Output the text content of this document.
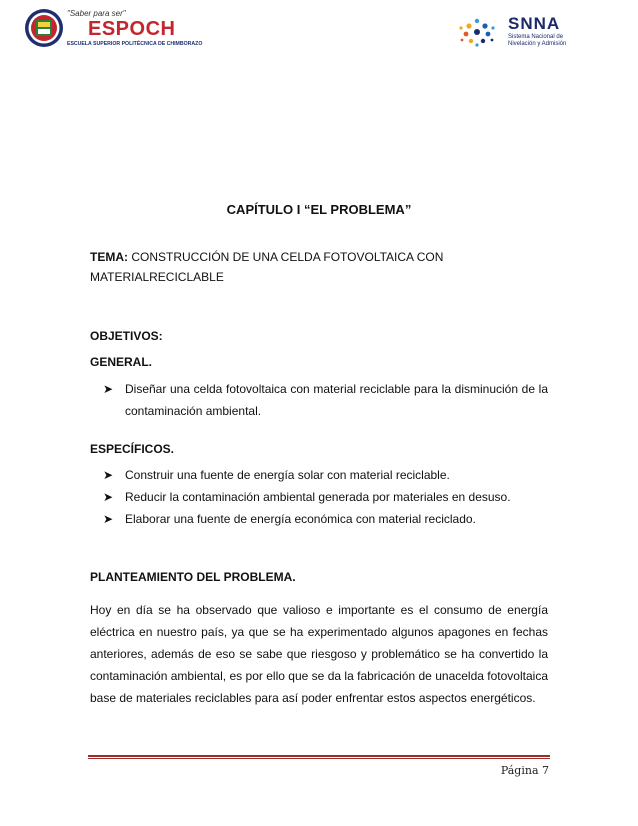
"Saber para ser"
ESPOCH
ESCUELA SUPERIOR POLITÉCNICA DE CHIMBORAZO
SNNA
Sistema Nacional de
Nivelación y Admisión
CAPÍTULO I “EL PROBLEMA”
TEMA: CONSTRUCCIÓN DE UNA CELDA FOTOVOLTAICA CON
MATERIALRECICLABLE
OBJETIVOS:
GENERAL.
➤ Diseñar una celda fotovoltaica con material reciclable para la disminución de la contaminación ambiental.
ESPECÍFICOS.
➤ Construir una fuente de energía solar con material reciclable.
➤ Reducir la contaminación ambiental generada por materiales en desuso.
➤ Elaborar una fuente de energía económica con material reciclado.
PLANTEAMIENTO DEL PROBLEMA.
Hoy en día se ha observado que valioso e importante es el consumo de energía eléctrica en nuestro país, ya que se ha experimentado algunos apagones en fechas anteriores, además de eso se sabe que riesgoso y problemático se ha convertido la contaminación ambiental, es por ello que se da la fabricación de unacelda fotovoltaica base de materiales reciclables para así poder enfrentar estos aspectos energéticos.
Página 7
